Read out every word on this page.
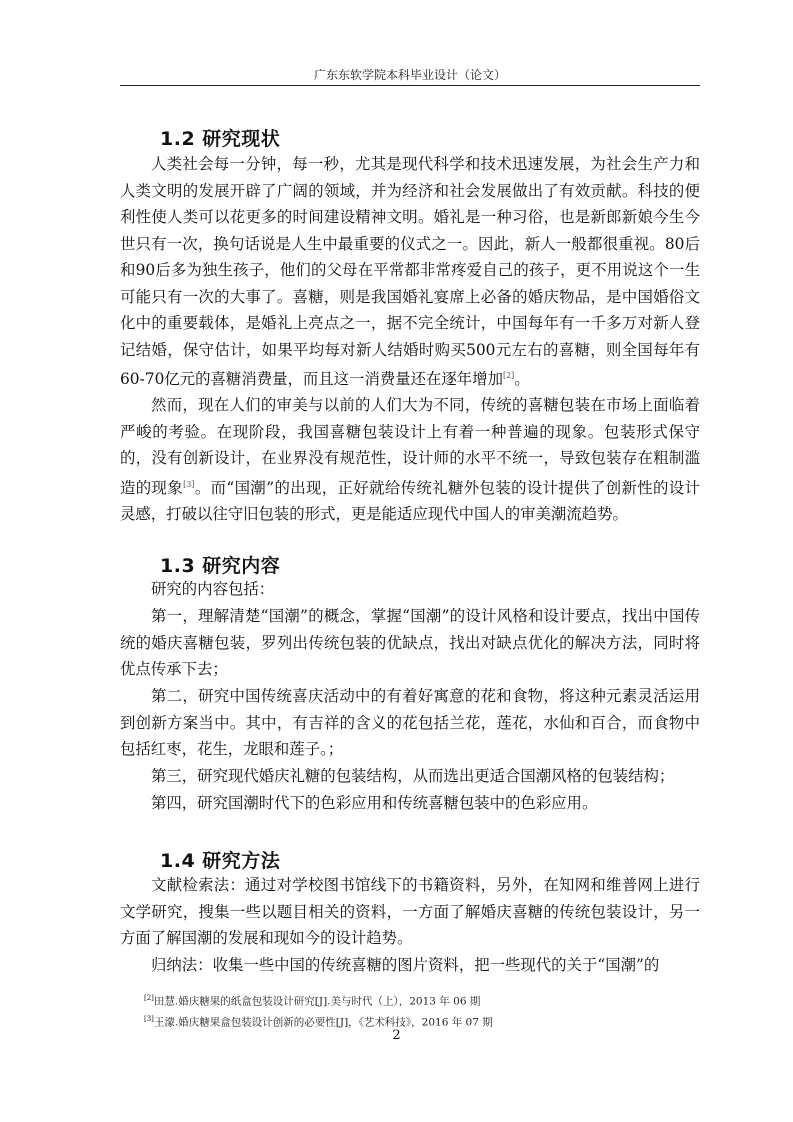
广东东软学院本科毕业设计（论文）
1.2 研究现状

人类社会每一分钟，每一秒，尤其是现代科学和技术迅速发展，为社会生产力和人类文明的发展开辟了广阔的领域，并为经济和社会发展做出了有效贡献。科技的便利性使人类可以花更多的时间建设精神文明。婚礼是一种习俗，也是新郎新娘今生今世只有一次，换句话说是人生中最重要的仪式之一。因此，新人一般都很重视。80后和90后多为独生孩子，他们的父母在平常都非常疼爱自己的孩子，更不用说这个一生可能只有一次的大事了。喜糖，则是我国婚礼宴席上必备的婚庆物品，是中国婚俗文化中的重要载体，是婚礼上亮点之一，据不完全统计，中国每年有一千多万对新人登记结婚，保守估计，如果平均每对新人结婚时购买500元左右的喜糖，则全国每年有60-70亿元的喜糖消费量，而且这一消费量还在逐年增加[2]。

然而，现在人们的审美与以前的人们大为不同，传统的喜糖包装在市场上面临着严峻的考验。在现阶段，我国喜糖包装设计上有着一种普遍的现象。包装形式保守的，没有创新设计，在业界没有规范性，设计师的水平不统一，导致包装存在粗制滥造的现象[3]。而“国潮”的出现，正好就给传统礼糖外包装的设计提供了创新性的设计灵感，打破以往守旧包装的形式，更是能适应现代中国人的审美潮流趋势。

1.3 研究内容

研究的内容包括：

第一，理解清楚“国潮”的概念，掌握“国潮”的设计风格和设计要点，找出中国传统的婚庆喜糖包装，罗列出传统包装的优缺点，找出对缺点优化的解决方法，同时将优点传承下去；

第二，研究中国传统喜庆活动中的有着好寓意的花和食物，将这种元素灵活运用到创新方案当中。其中，有吉祥的含义的花包括兰花，莲花，水仙和百合，而食物中包括红枣，花生，龙眼和莲子。；

第三，研究现代婚庆礼糖的包装结构，从而选出更适合国潮风格的包装结构；

第四，研究国潮时代下的色彩应用和传统喜糖包装中的色彩应用。

1.4 研究方法

文献检索法：通过对学校图书馆线下的书籍资料，另外，在知网和维普网上进行文学研究，搜集一些以题目相关的资料，一方面了解婚庆喜糖的传统包装设计，另一方面了解国潮的发展和现如今的设计趋势。

归纳法：收集一些中国的传统喜糖的图片资料，把一些现代的关于“国潮”的

[2]田慧.婚庆糖果的纸盒包装设计研究[J].美与时代（上），2013 年 06 期
[3]王濛.婚庆糖果盒包装设计创新的必要性[J]，《艺术科技》，2016 年 07 期
2
